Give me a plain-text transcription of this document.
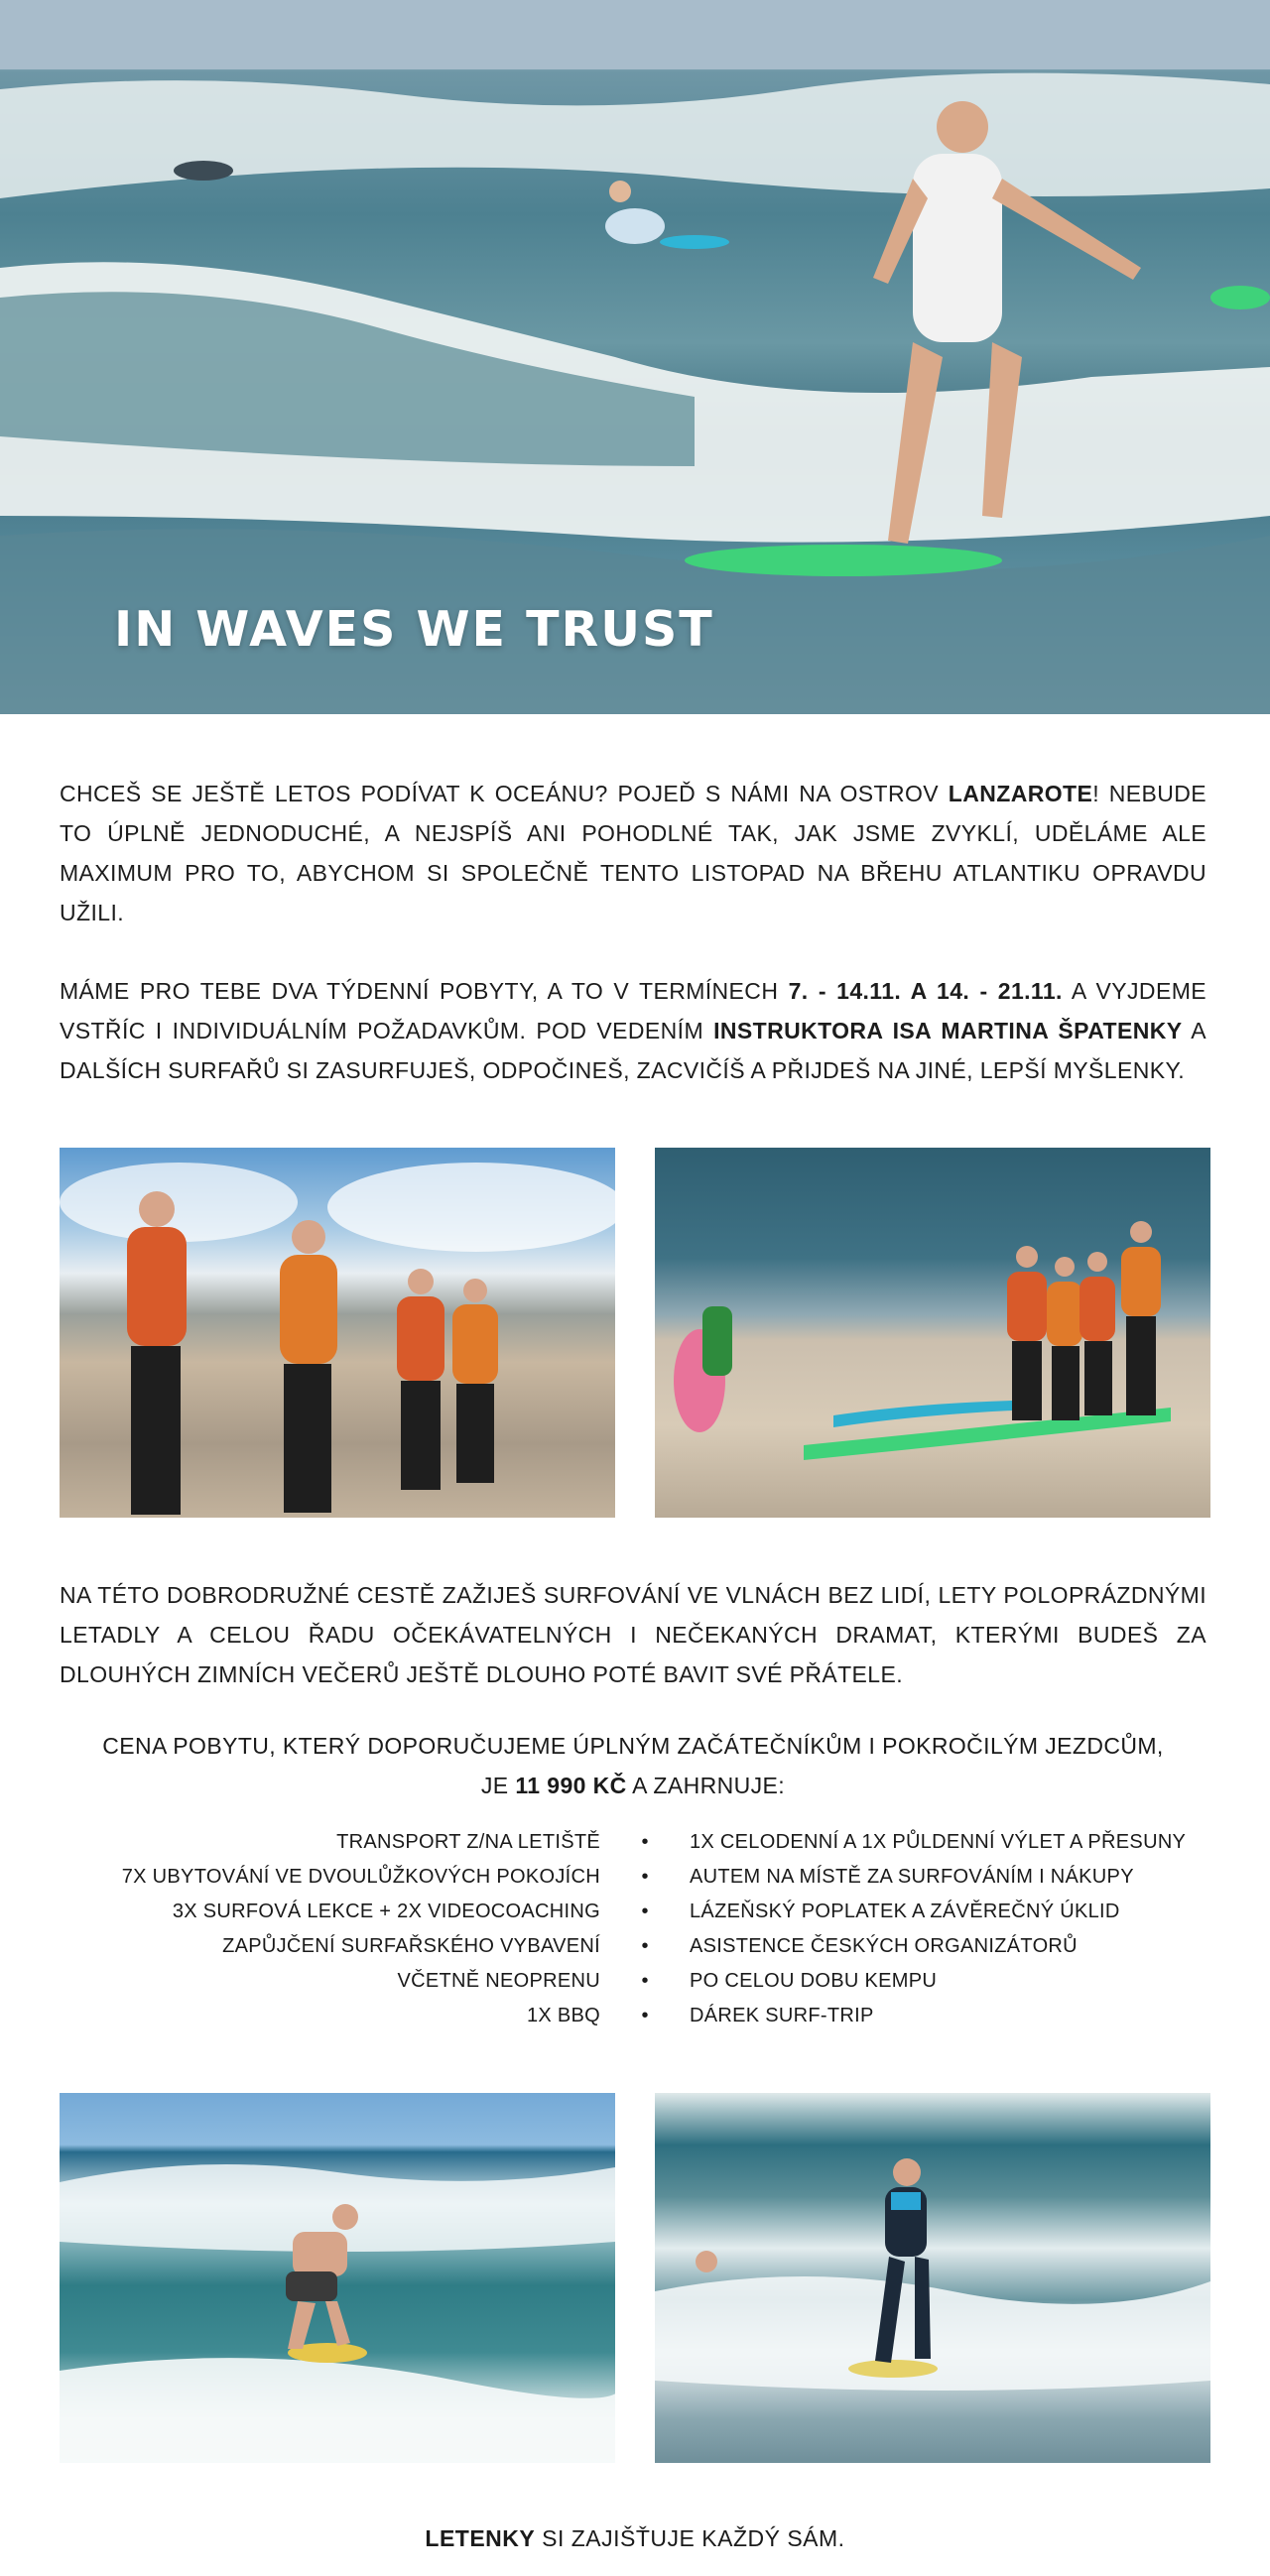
IN WAVES WE TRUST

CHCEŠ SE JEŠTĚ LETOS PODÍVAT K OCEÁNU? POJEĎ S NÁMI NA OSTROV LANZAROTE! NEBUDE TO ÚPLNĚ JEDNODUCHÉ, A NEJSPÍŠ ANI POHODLNÉ TAK, JAK JSME ZVYKLÍ, UDĚLÁME ALE MAXIMUM PRO TO, ABYCHOM SI SPOLEČNĚ TENTO LISTOPAD NA BŘEHU ATLANTIKU OPRAVDU UŽILI.

MÁME PRO TEBE DVA TÝDENNÍ POBYTY, A TO V TERMÍNECH 7. - 14.11. A 14. - 21.11. A VYJDEME VSTŘÍC I INDIVIDUÁLNÍM POŽADAVKŮM. POD VEDENÍM INSTRUKTORA ISA MARTINA ŠPATENKY A DALŠÍCH SURFAŘŮ SI ZASURFUJEŠ, ODPOČINEŠ, ZACVIČÍŠ A PŘIJDEŠ NA JINÉ, LEPŠÍ MYŠLENKY.

NA TÉTO DOBRODRUŽNÉ CESTĚ ZAŽIJEŠ SURFOVÁNÍ VE VLNÁCH BEZ LIDÍ, LETY POLOPRÁZDNÝMI LETADLY A CELOU ŘADU OČEKÁVATELNÝCH I NEČEKANÝCH DRAMAT, KTERÝMI BUDEŠ ZA DLOUHÝCH ZIMNÍCH VEČERŮ JEŠTĚ DLOUHO POTÉ BAVIT SVÉ PŘÁTELE.

CENA POBYTU, KTERÝ DOPORUČUJEME ÚPLNÝM ZAČÁTEČNÍKŮM I POKROČILÝM JEZDCŮM,
JE 11 990 KČ A ZAHRNUJE:
TRANSPORT Z/NA LETIŠTĚ
7X UBYTOVÁNÍ VE DVOULŮŽKOVÝCH POKOJÍCH
3X SURFOVÁ LEKCE + 2X VIDEOCOACHING
ZAPŮJČENÍ SURFAŘSKÉHO VYBAVENÍ
VČETNĚ NEOPRENU
1X BBQ
•
•
•
•
•
•
1X CELODENNÍ A 1X PŮLDENNÍ VÝLET A PŘESUNY
AUTEM NA MÍSTĚ ZA SURFOVÁNÍM I NÁKUPY
LÁZEŇSKÝ POPLATEK A ZÁVĚREČNÝ ÚKLID
ASISTENCE ČESKÝCH ORGANIZÁTORŮ
PO CELOU DOBU KEMPU
DÁREK SURF-TRIP
LETENKY SI ZAJIŠŤUJE KAŽDÝ SÁM.
